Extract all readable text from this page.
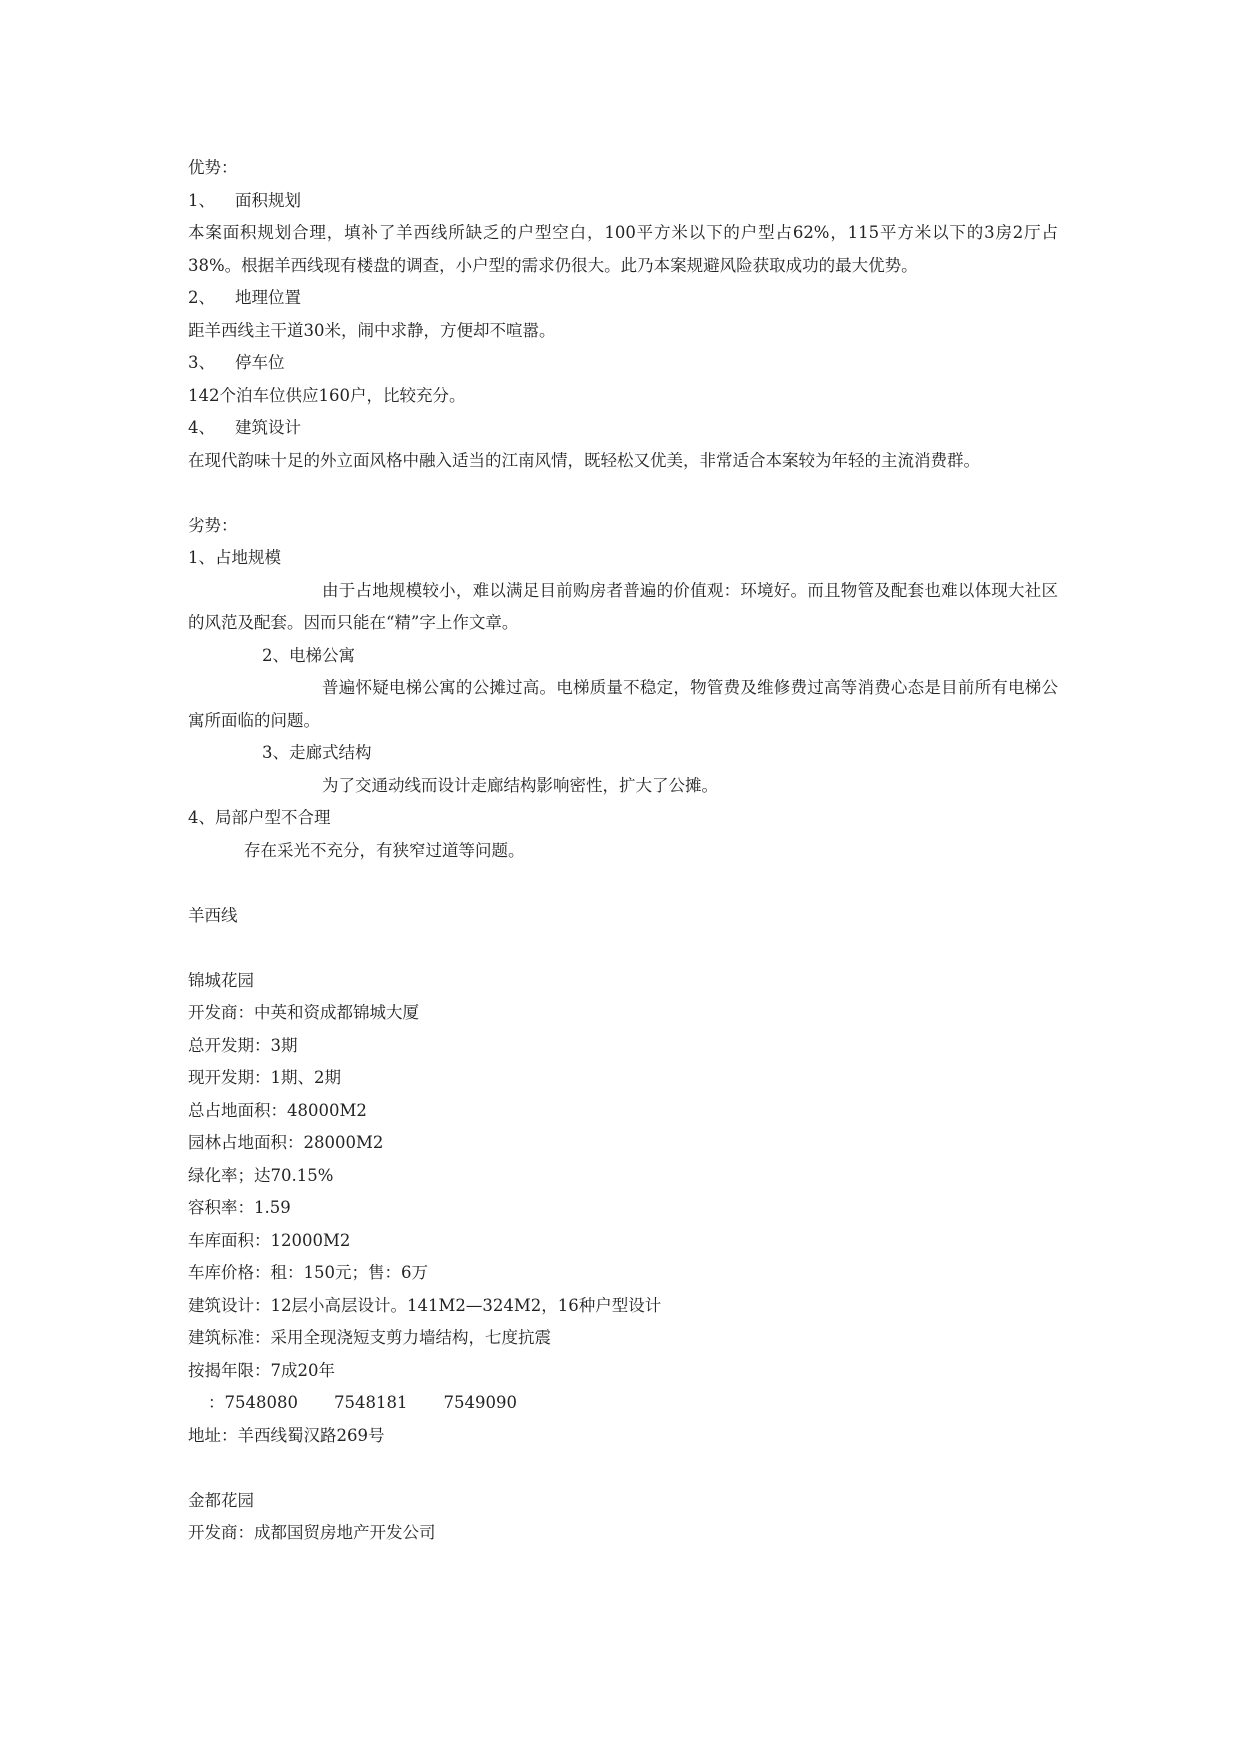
优势：
1、 面积规划
本案面积规划合理，填补了羊西线所缺乏的户型空白，100平方米以下的户型占62%，115平方米以下的3房2厅占38%。根据羊西线现有楼盘的调查，小户型的需求仍很大。此乃本案规避风险获取成功的最大优势。
2、 地理位置
距羊西线主干道30米，闹中求静，方便却不喧嚣。
3、 停车位
142个泊车位供应160户，比较充分。
4、 建筑设计
在现代韵味十足的外立面风格中融入适当的江南风情，既轻松又优美，非常适合本案较为年轻的主流消费群。
劣势：
1、占地规模
由于占地规模较小，难以满足目前购房者普遍的价值观：环境好。而且物管及配套也难以体现大社区的风范及配套。因而只能在“精”字上作文章。
2、电梯公寓
普遍怀疑电梯公寓的公摊过高。电梯质量不稳定，物管费及维修费过高等消费心态是目前所有电梯公寓所面临的问题。
3、走廊式结构
为了交通动线而设计走廊结构影响密性，扩大了公摊。
4、局部户型不合理
存在采光不充分，有狭窄过道等问题。
羊西线
锦城花园
开发商：中英和资成都锦城大厦
总开发期：3期
现开发期：1期、2期
总占地面积：48000M2
园林占地面积：28000M2
绿化率；达70.15%
容积率：1.59
车库面积：12000M2
车库价格：租：150元；售：6万
建筑设计：12层小高层设计。141M2—324M2，16种户型设计
建筑标准：采用全现浇短支剪力墙结构，七度抗震
按揭年限：7成20年
：7548080 7548181 7549090
地址：羊西线蜀汉路269号
金都花园
开发商：成都国贸房地产开发公司
